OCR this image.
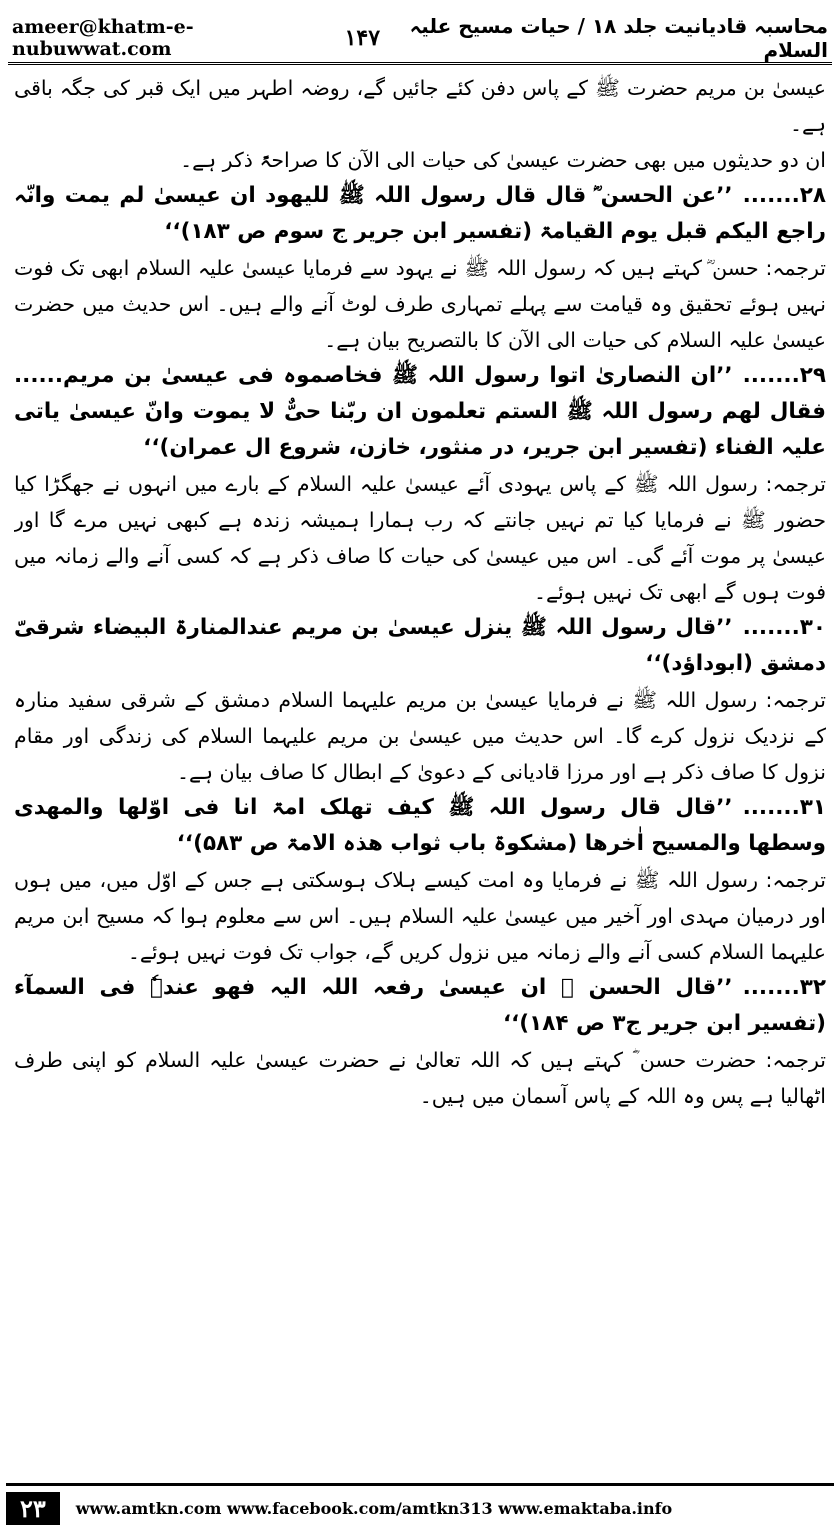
ameer@khatm-e-nubuwwat.com	۱۴۷	محاسبہ قادیانیت جلد ۱۸ / حیات مسیح علیہ السلام

عیسیٰ بن مریم حضرت ﷺ کے پاس دفن کئے جائیں گے، روضہ اطہر میں ایک قبر کی جگہ باقی ہے۔

ان دو حدیثوں میں بھی حضرت عیسیٰ کی حیات الی الآن کا صراحۃً ذکر ہے۔

۲۸.......’’عن الحسن ؓ قال قال رسول اللہ ﷺ للیھود ان عیسیٰ لم یمت وانّہ راجع الیکم قبل یوم القیامۃ (تفسیر ابن جریر ج سوم ص ۱۸۳)‘‘

ترجمہ: حسن ؓ کہتے ہیں کہ رسول اللہ ﷺ نے یہود سے فرمایا عیسیٰ علیہ السلام ابھی تک فوت نہیں ہوئے تحقیق وہ قیامت سے پہلے تمہاری طرف لوٹ آنے والے ہیں۔ اس حدیث میں حضرت عیسیٰ علیہ السلام کی حیات الی الآن کا بالتصریح بیان ہے۔

۲۹.......’’ان النصاریٰ اتوا رسول اللہ ﷺ فخاصموہ فی عیسیٰ بن مریم...... فقال لھم رسول اللہ ﷺ الستم تعلمون ان ربّنا حیٌّ لا یموت وانّ عیسیٰ یاتی علیہ الفناء (تفسیر ابن جریر، در منثور، خازن، شروع ال عمران)‘‘

ترجمہ: رسول اللہ ﷺ کے پاس یہودی آئے عیسیٰ علیہ السلام کے بارے میں انہوں نے جھگڑا کیا حضور ﷺ نے فرمایا کیا تم نہیں جانتے کہ رب ہمارا ہمیشہ زندہ ہے کبھی نہیں مرے گا اور عیسیٰ پر موت آئے گی۔ اس میں عیسیٰ کی حیات کا صاف ذکر ہے کہ کسی آنے والے زمانہ میں فوت ہوں گے ابھی تک نہیں ہوئے۔

۳۰.......’’قال رسول اللہ ﷺ ینزل عیسیٰ بن مریم عندالمنارۃ البیضاء شرقیّ دمشق (ابوداؤد)‘‘

ترجمہ: رسول اللہ ﷺ نے فرمایا عیسیٰ بن مریم علیہما السلام دمشق کے شرقی سفید منارہ کے نزدیک نزول کرے گا۔ اس حدیث میں عیسیٰ بن مریم علیہما السلام کی زندگی اور مقام نزول کا صاف ذکر ہے اور مرزا قادیانی کے دعویٰ کے ابطال کا صاف بیان ہے۔

۳۱.......’’قال قال رسول اللہ ﷺ کیف تھلک امۃ انا فی اوّلھا والمھدی وسطھا والمسیح اٰخرھا (مشکوۃ باب ثواب ھذہ الامۃ ص ۵۸۳)‘‘

ترجمہ: رسول اللہ ﷺ نے فرمایا وہ امت کیسے ہلاک ہوسکتی ہے جس کے اوّل میں، میں ہوں اور درمیان مہدی اور آخیر میں عیسیٰ علیہ السلام ہیں۔ اس سے معلوم ہوا کہ مسیح ابن مریم علیہما السلام کسی آنے والے زمانہ میں نزول کریں گے، جواب تک فوت نہیں ہوئے۔

۳۲.......’’قال الحسن ؓ ان عیسیٰ رفعہ اللہ الیہ فھو عندہٗ فی السمآء (تفسیر ابن جریر ج۳ ص ۱۸۴)‘‘

ترجمہ: حضرت حسن ؓ کہتے ہیں کہ اللہ تعالیٰ نے حضرت عیسیٰ علیہ السلام کو اپنی طرف اٹھالیا ہے پس وہ اللہ کے پاس آسمان میں ہیں۔

۲۳	www.amtkn.com www.facebook.com/amtkn313 www.emaktaba.info
